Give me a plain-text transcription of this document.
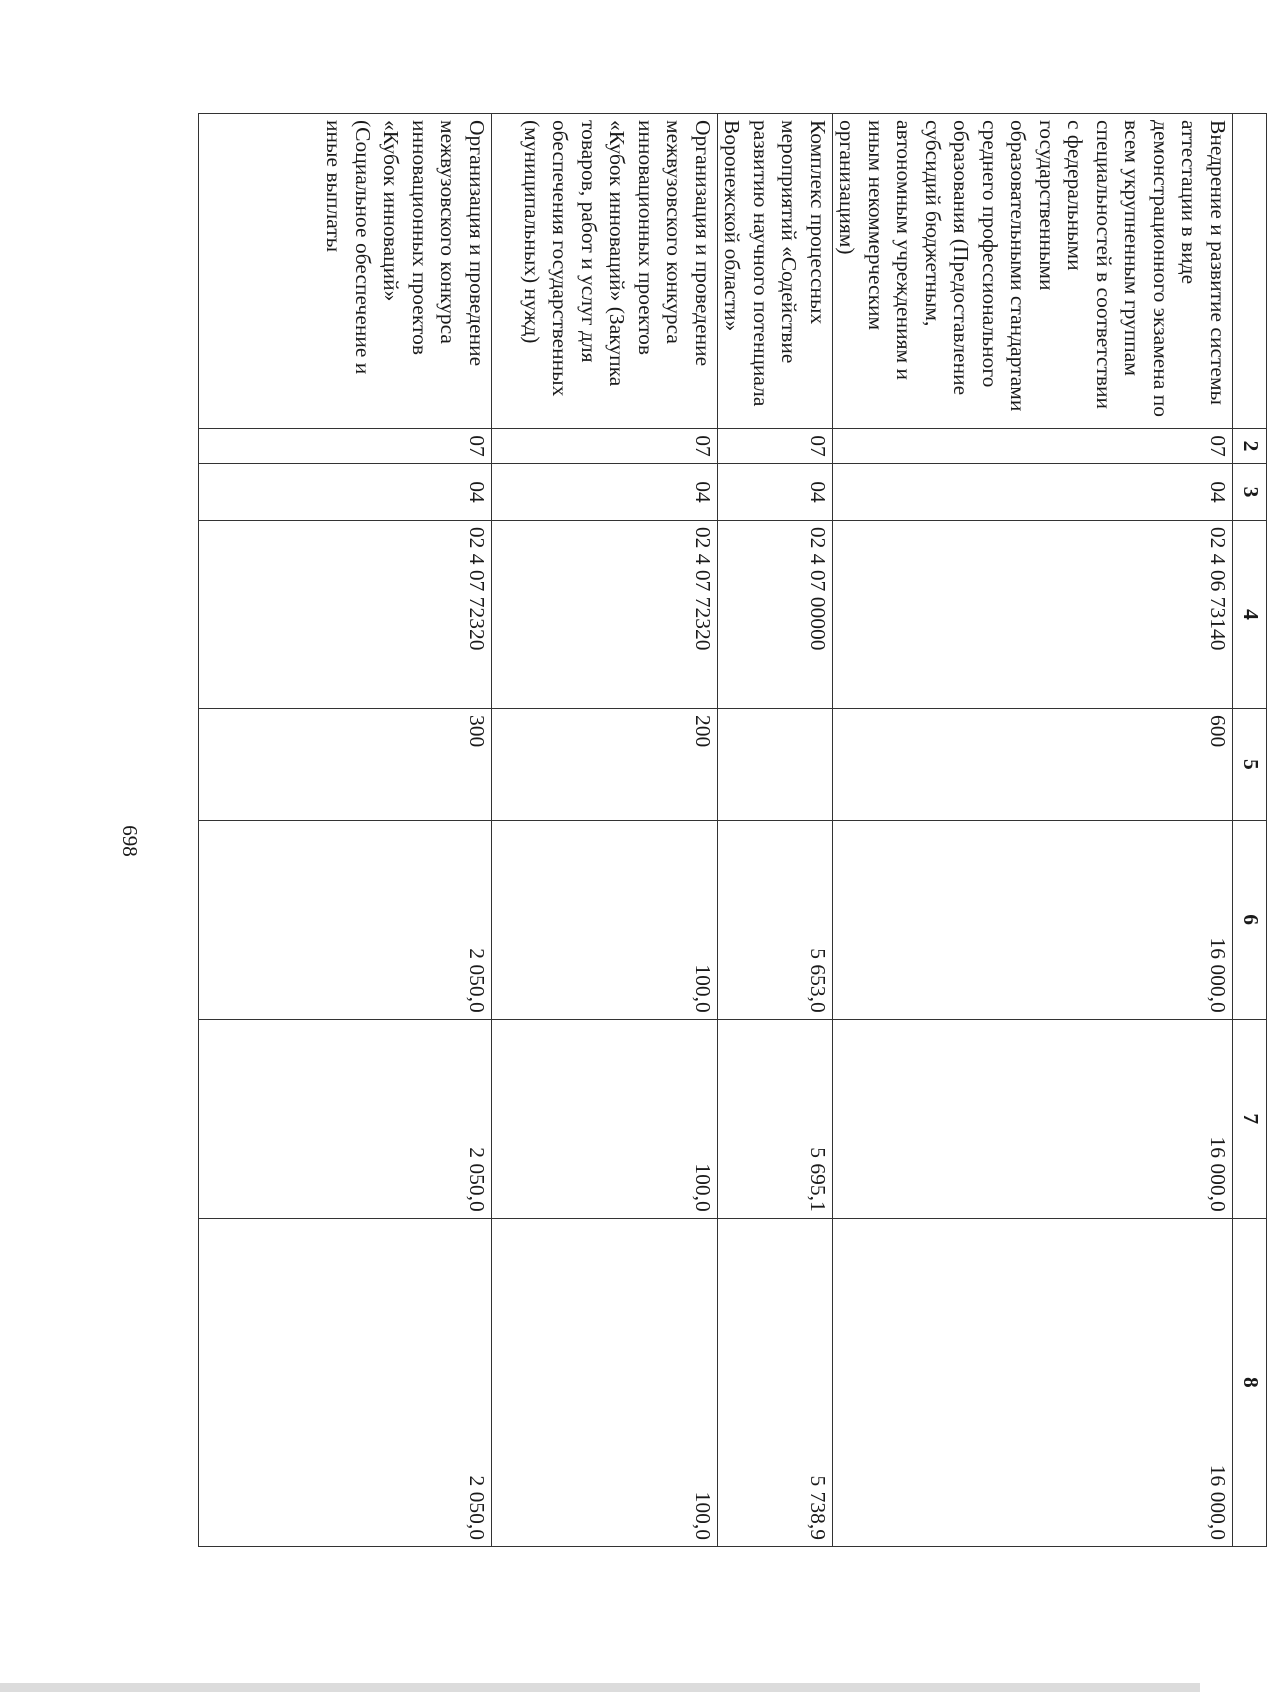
698
	2	3	4	5	6	7	8
Внедрение и развитие системы аттестации в виде демонстрационного экзамена по всем укрупненным группам специальностей в соответствии с федеральными государственными образовательными стандартами среднего профессионального образования (Предоставление субсидий бюджетным, автономным учреждениям и иным некоммерческим организациям)	07	04	02 4 06 73140	600	16 000,0	16 000,0	16 000,0
Комплекс процессных мероприятий «Содействие развитию научного потенциала Воронежской области»	07	04	02 4 07 00000		5 653,0	5 695,1	5 738,9
Организация и проведение межвузовского конкурса инновационных проектов «Кубок инноваций» (Закупка товаров, работ и услуг для обеспечения государственных (муниципальных) нужд)	07	04	02 4 07 72320	200	100,0	100,0	100,0
Организация и проведение межвузовского конкурса инновационных проектов «Кубок инноваций» (Социальное обеспечение и иные выплаты	07	04	02 4 07 72320	300	2 050,0	2 050,0	2 050,0
